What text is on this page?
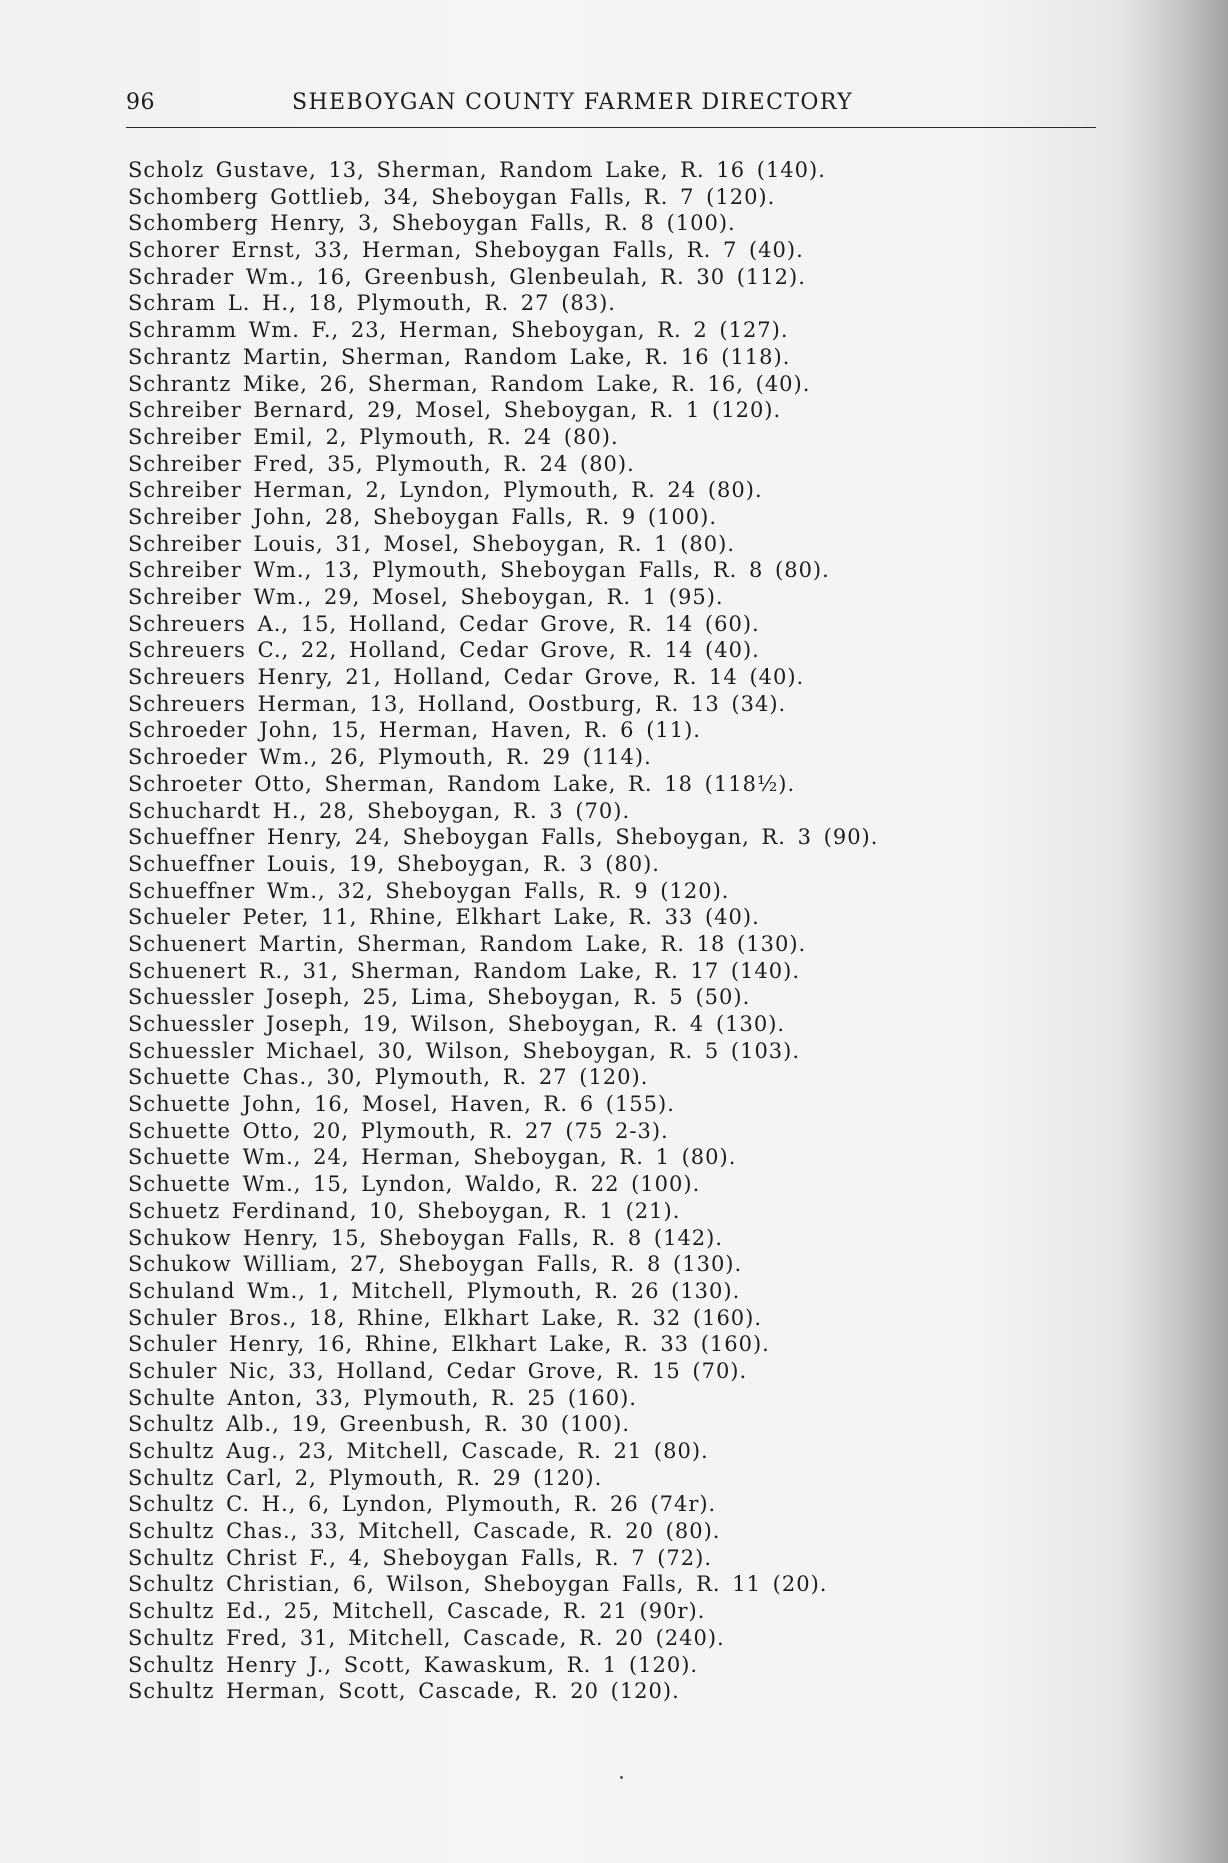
96	SHEBOYGAN COUNTY FARMER DIRECTORY
Scholz Gustave, 13, Sherman, Random Lake, R. 16 (140).
Schomberg Gottlieb, 34, Sheboygan Falls, R. 7 (120).
Schomberg Henry, 3, Sheboygan Falls, R. 8 (100).
Schorer Ernst, 33, Herman, Sheboygan Falls, R. 7 (40).
Schrader Wm., 16, Greenbush, Glenbeulah, R. 30 (112).
Schram L. H., 18, Plymouth, R. 27 (83).
Schramm Wm. F., 23, Herman, Sheboygan, R. 2 (127).
Schrantz Martin, Sherman, Random Lake, R. 16 (118).
Schrantz Mike, 26, Sherman, Random Lake, R. 16, (40).
Schreiber Bernard, 29, Mosel, Sheboygan, R. 1 (120).
Schreiber Emil, 2, Plymouth, R. 24 (80).
Schreiber Fred, 35, Plymouth, R. 24 (80).
Schreiber Herman, 2, Lyndon, Plymouth, R. 24 (80).
Schreiber John, 28, Sheboygan Falls, R. 9 (100).
Schreiber Louis, 31, Mosel, Sheboygan, R. 1 (80).
Schreiber Wm., 13, Plymouth, Sheboygan Falls, R. 8 (80).
Schreiber Wm., 29, Mosel, Sheboygan, R. 1 (95).
Schreuers A., 15, Holland, Cedar Grove, R. 14 (60).
Schreuers C., 22, Holland, Cedar Grove, R. 14 (40).
Schreuers Henry, 21, Holland, Cedar Grove, R. 14 (40).
Schreuers Herman, 13, Holland, Oostburg, R. 13 (34).
Schroeder John, 15, Herman, Haven, R. 6 (11).
Schroeder Wm., 26, Plymouth, R. 29 (114).
Schroeter Otto, Sherman, Random Lake, R. 18 (118½).
Schuchardt H., 28, Sheboygan, R. 3 (70).
Schueffner Henry, 24, Sheboygan Falls, Sheboygan, R. 3 (90).
Schueffner Louis, 19, Sheboygan, R. 3 (80).
Schueffner Wm., 32, Sheboygan Falls, R. 9 (120).
Schueler Peter, 11, Rhine, Elkhart Lake, R. 33 (40).
Schuenert Martin, Sherman, Random Lake, R. 18 (130).
Schuenert R., 31, Sherman, Random Lake, R. 17 (140).
Schuessler Joseph, 25, Lima, Sheboygan, R. 5 (50).
Schuessler Joseph, 19, Wilson, Sheboygan, R. 4 (130).
Schuessler Michael, 30, Wilson, Sheboygan, R. 5 (103).
Schuette Chas., 30, Plymouth, R. 27 (120).
Schuette John, 16, Mosel, Haven, R. 6 (155).
Schuette Otto, 20, Plymouth, R. 27 (75 2-3).
Schuette Wm., 24, Herman, Sheboygan, R. 1 (80).
Schuette Wm., 15, Lyndon, Waldo, R. 22 (100).
Schuetz Ferdinand, 10, Sheboygan, R. 1 (21).
Schukow Henry, 15, Sheboygan Falls, R. 8 (142).
Schukow William, 27, Sheboygan Falls, R. 8 (130).
Schuland Wm., 1, Mitchell, Plymouth, R. 26 (130).
Schuler Bros., 18, Rhine, Elkhart Lake, R. 32 (160).
Schuler Henry, 16, Rhine, Elkhart Lake, R. 33 (160).
Schuler Nic, 33, Holland, Cedar Grove, R. 15 (70).
Schulte Anton, 33, Plymouth, R. 25 (160).
Schultz Alb., 19, Greenbush, R. 30 (100).
Schultz Aug., 23, Mitchell, Cascade, R. 21 (80).
Schultz Carl, 2, Plymouth, R. 29 (120).
Schultz C. H., 6, Lyndon, Plymouth, R. 26 (74r).
Schultz Chas., 33, Mitchell, Cascade, R. 20 (80).
Schultz Christ F., 4, Sheboygan Falls, R. 7 (72).
Schultz Christian, 6, Wilson, Sheboygan Falls, R. 11 (20).
Schultz Ed., 25, Mitchell, Cascade, R. 21 (90r).
Schultz Fred, 31, Mitchell, Cascade, R. 20 (240).
Schultz Henry J., Scott, Kawaskum, R. 1 (120).
Schultz Herman, Scott, Cascade, R. 20 (120).
